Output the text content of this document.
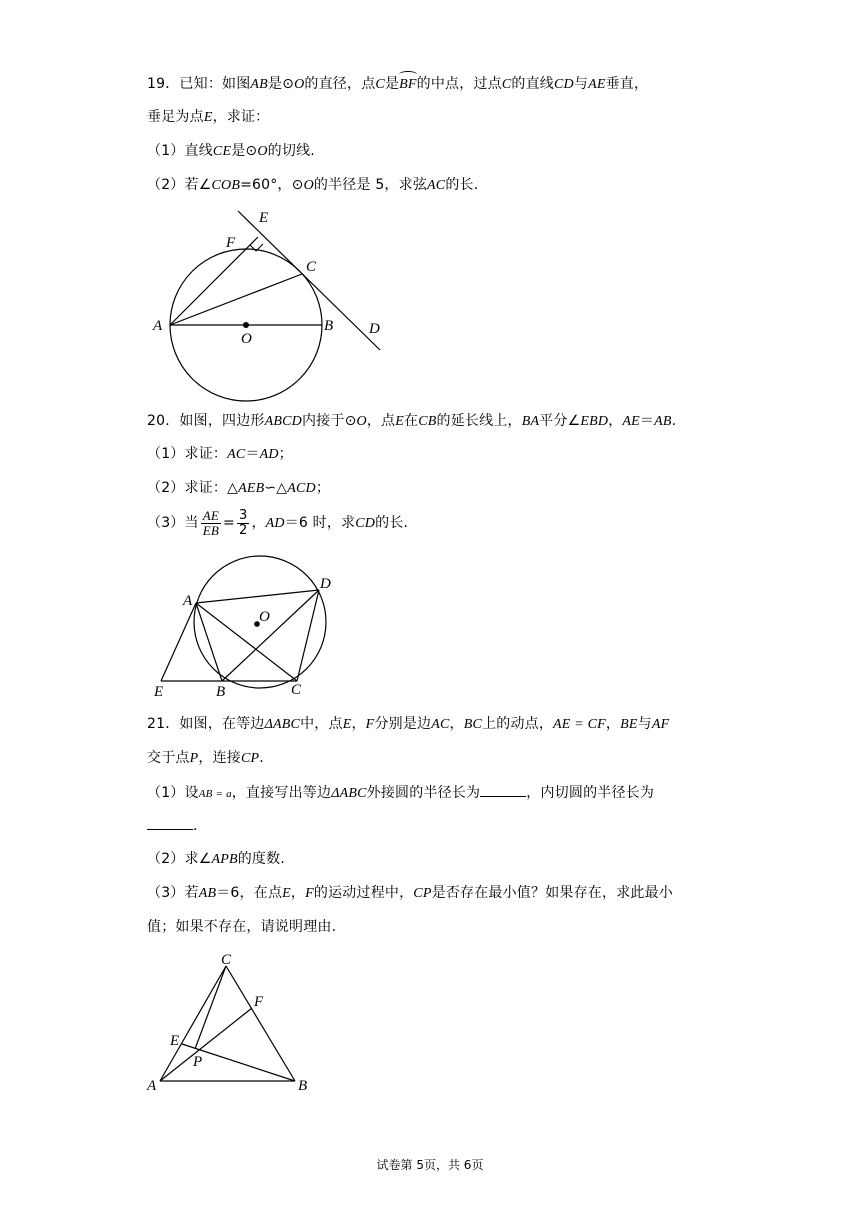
19．已知：如图AB是⊙O的直径，点C是BF的中点，过点C的直线CD与AE垂直，
垂足为点E，求证：
（1）直线CE是⊙O的切线.
（2）若∠COB=60°，⊙O的半径是 5，求弦AC的长.
E
F
C
A
O
B D
20．如图，四边形ABCD内接于⊙O，点E在CB的延长线上，BA平分∠EBD，AE＝AB.
（1）求证：AC＝AD；
（2）求证：△AEB∽△ACD；
（3）当 $\frac{AE}{EB} = \frac{3}{2}$ ，AD＝6 时，求CD的长.
A
D
O
E	B	C
21．如图，在等边ΔABC中，点E，F分别是边AC，BC上的动点，AE = CF，BE与AF
交于点P，连接CP.
（1）设AB = a，直接写出等边ΔABC外接圆的半径长为	，内切圆的半径长为
.
（2）求∠APB的度数.
（3）若AB＝6，在点E，F的运动过程中，CP是否存在最小值？如果存在，求此最小
值；如果不存在，请说明理由.
C
F
E
P
A	B
试卷第 5页，共 6页
